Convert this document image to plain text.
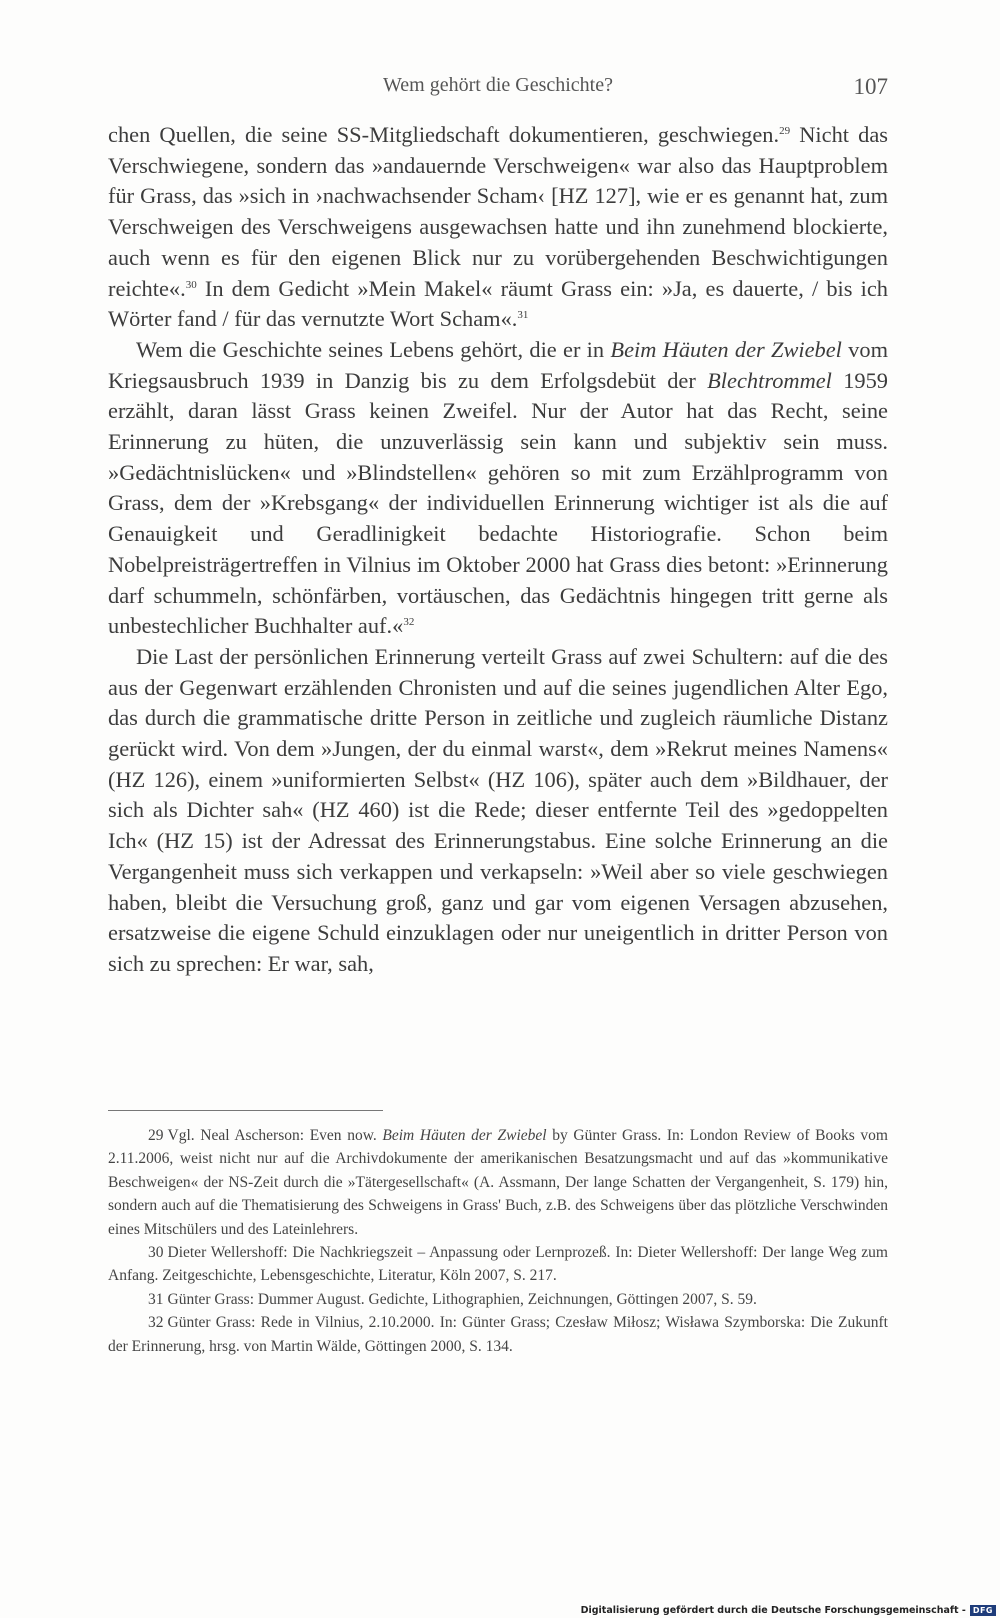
Wem gehört die Geschichte?	107

chen Quellen, die seine SS-Mitgliedschaft dokumentieren, geschwiegen.$^{29}$ Nicht das Verschwiegene, sondern das »andauernde Verschweigen« war also das Hauptproblem für Grass, das »sich in ›nachwachsender Scham‹ [HZ 127], wie er es genannt hat, zum Verschweigen des Verschweigens ausgewachsen hatte und ihn zunehmend blockierte, auch wenn es für den eigenen Blick nur zu vorübergehenden Beschwichtigungen reichte«.$^{30}$ In dem Gedicht »Mein Makel« räumt Grass ein: »Ja, es dauerte, / bis ich Wörter fand / für das vernutzte Wort Scham«.$^{31}$

Wem die Geschichte seines Lebens gehört, die er in Beim Häuten der Zwiebel vom Kriegsausbruch 1939 in Danzig bis zu dem Erfolgsdebüt der Blechtrommel 1959 erzählt, daran lässt Grass keinen Zweifel. Nur der Autor hat das Recht, seine Erinnerung zu hüten, die unzuverlässig sein kann und subjektiv sein muss. »Gedächtnislücken« und »Blindstellen« gehören so mit zum Erzählprogramm von Grass, dem der »Krebsgang« der individuellen Erinnerung wichtiger ist als die auf Genauigkeit und Geradlinigkeit bedachte Historiografie. Schon beim Nobelpreisträgertreffen in Vilnius im Oktober 2000 hat Grass dies betont: »Erinnerung darf schummeln, schönfärben, vortäuschen, das Gedächtnis hingegen tritt gerne als unbestechlicher Buchhalter auf.«$^{32}$

Die Last der persönlichen Erinnerung verteilt Grass auf zwei Schultern: auf die des aus der Gegenwart erzählenden Chronisten und auf die seines jugendlichen Alter Ego, das durch die grammatische dritte Person in zeitliche und zugleich räumliche Distanz gerückt wird. Von dem »Jungen, der du einmal warst«, dem »Rekrut meines Namens« (HZ 126), einem »uniformierten Selbst« (HZ 106), später auch dem »Bildhauer, der sich als Dichter sah« (HZ 460) ist die Rede; dieser entfernte Teil des »gedoppelten Ich« (HZ 15) ist der Adressat des Erinnerungstabus. Eine solche Erinnerung an die Vergangenheit muss sich verkappen und verkapseln: »Weil aber so viele geschwiegen haben, bleibt die Versuchung groß, ganz und gar vom eigenen Versagen abzusehen, ersatzweise die eigene Schuld einzuklagen oder nur uneigentlich in dritter Person von sich zu sprechen: Er war, sah,

29 Vgl. Neal Ascherson: Even now. Beim Häuten der Zwiebel by Günter Grass. In: London Review of Books vom 2.11.2006, weist nicht nur auf die Archivdokumente der amerikanischen Besatzungsmacht und auf das »kommunikative Beschweigen« der NS-Zeit durch die »Tätergesellschaft« (A. Assmann, Der lange Schatten der Vergangenheit, S. 179) hin, sondern auch auf die Thematisierung des Schweigens in Grass' Buch, z.B. des Schweigens über das plötzliche Verschwinden eines Mitschülers und des Lateinlehrers.

30 Dieter Wellershoff: Die Nachkriegszeit – Anpassung oder Lernprozeß. In: Dieter Wellershoff: Der lange Weg zum Anfang. Zeitgeschichte, Lebensgeschichte, Literatur, Köln 2007, S. 217.

31 Günter Grass: Dummer August. Gedichte, Lithographien, Zeichnungen, Göttingen 2007, S. 59.

32 Günter Grass: Rede in Vilnius, 2.10.2000. In: Günter Grass; Czesław Miłosz; Wisława Szymborska: Die Zukunft der Erinnerung, hrsg. von Martin Wälde, Göttingen 2000, S. 134.

Digitalisierung gefördert durch die Deutsche Forschungsgemeinschaft - DFG
